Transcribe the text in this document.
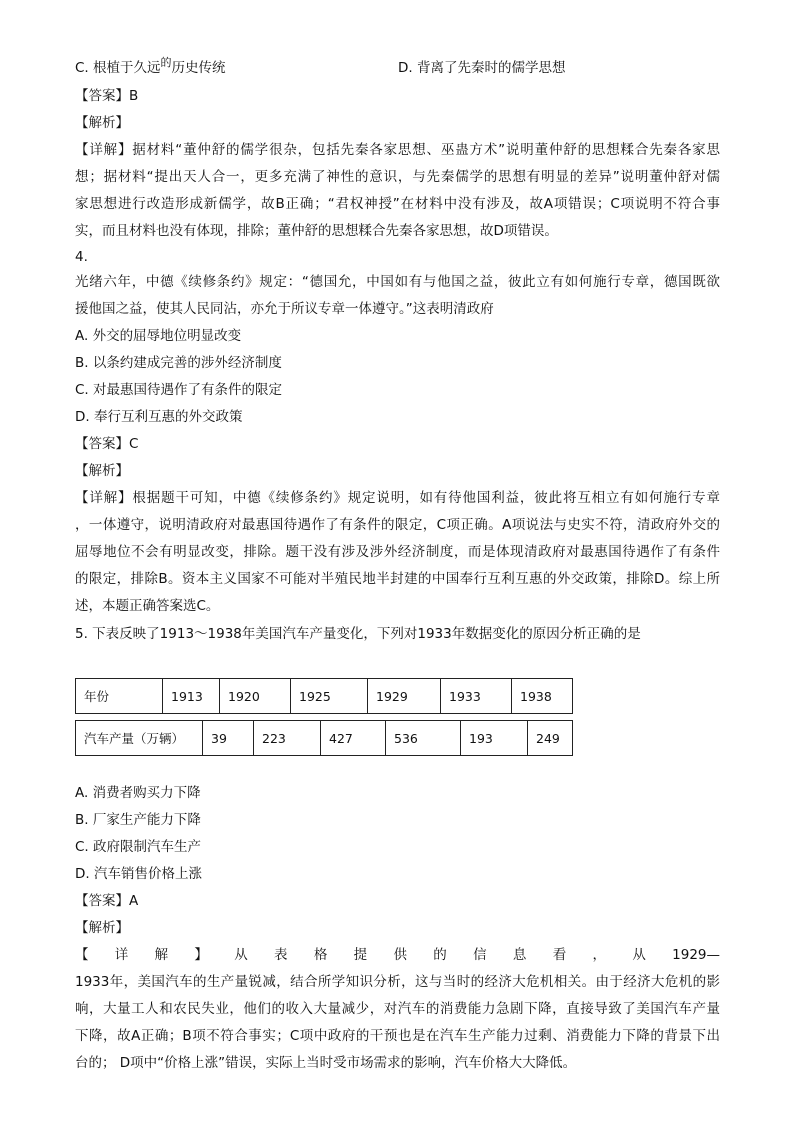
C. 根植于久远$^的$历史传统	D. 背离了先秦时的儒学思想
【答案】B
【解析】
【详解】据材料“董仲舒的儒学很杂，包括先秦各家思想、巫蛊方术”说明董仲舒的思想糅合先秦各家思
想；据材料“提出天人合一，更多充满了神性的意识，与先秦儒学的思想有明显的差异”说明董仲舒对儒
家思想进行改造形成新儒学，故B正确；“君权神授”在材料中没有涉及，故A项错误；C项说明不符合事
实，而且材料也没有体现，排除；董仲舒的思想糅合先秦各家思想，故D项错误。
4.
光绪六年，中德《续修条约》规定：“德国允，中国如有与他国之益，彼此立有如何施行专章，德国既欲
援他国之益，使其人民同沾，亦允于所议专章一体遵守。”这表明清政府
A. 外交的屈辱地位明显改变
B. 以条约建成完善的涉外经济制度
C. 对最惠国待遇作了有条件的限定
D. 奉行互利互惠的外交政策
【答案】C
【解析】
【详解】根据题干可知，中德《续修条约》规定说明，如有待他国利益，彼此将互相立有如何施行专章
，一体遵守，说明清政府对最惠国待遇作了有条件的限定，C项正确。A项说法与史实不符，清政府外交的
屈辱地位不会有明显改变，排除。题干没有涉及涉外经济制度，而是体现清政府对最惠国待遇作了有条件
的限定，排除B。资本主义国家不可能对半殖民地半封建的中国奉行互利互惠的外交政策，排除D。综上所
述，本题正确答案选C。
5. 下表反映了1913～1938年美国汽车产量变化，下列对1933年数据变化的原因分析正确的是
年份	1913	1920	1925	1929	1933	1938
汽车产量（万辆）	39	223	427	536	193	249
A. 消费者购买力下降
B. 厂家生产能力下降
C. 政府限制汽车生产
D. 汽车销售价格上涨
【答案】A
【解析】
【详解】从表格提供的信息看，从1929—
1933年，美国汽车的生产量锐减，结合所学知识分析，这与当时的经济大危机相关。由于经济大危机的影
响，大量工人和农民失业，他们的收入大量减少，对汽车的消费能力急剧下降，直接导致了美国汽车产量
下降，故A正确；B项不符合事实；C项中政府的干预也是在汽车生产能力过剩、消费能力下降的背景下出
台的； D项中“价格上涨”错误，实际上当时受市场需求的影响，汽车价格大大降低。
